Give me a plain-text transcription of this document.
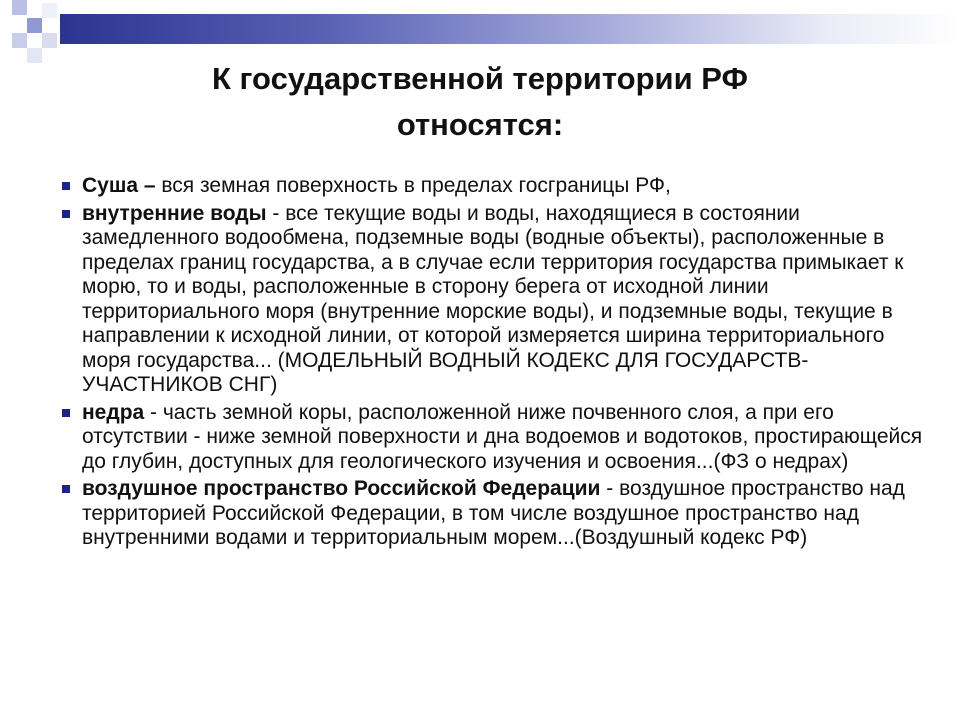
К государственной территории РФ
относятся:
Суша – вся земная поверхность в пределах госграницы РФ,
внутренние воды - все текущие воды и воды, находящиеся в состоянии замедленного водообмена, подземные воды (водные объекты), расположенные в пределах границ государства, а в случае если территория государства примыкает к морю, то и воды, расположенные в сторону берега от исходной линии территориального моря (внутренние морские воды), и подземные воды, текущие в направлении к исходной линии, от которой измеряется ширина территориального моря государства... (МОДЕЛЬНЫЙ ВОДНЫЙ КОДЕКС ДЛЯ ГОСУДАРСТВ-УЧАСТНИКОВ СНГ)
недра - часть земной коры, расположенной ниже почвенного слоя, а при его отсутствии - ниже земной поверхности и дна водоемов и водотоков, простирающейся до глубин, доступных для геологического изучения и освоения...(ФЗ о недрах)
воздушное пространство Российской Федерации - воздушное пространство над территорией Российской Федерации, в том числе воздушное пространство над внутренними водами и территориальным морем...(Воздушный кодекс РФ)
